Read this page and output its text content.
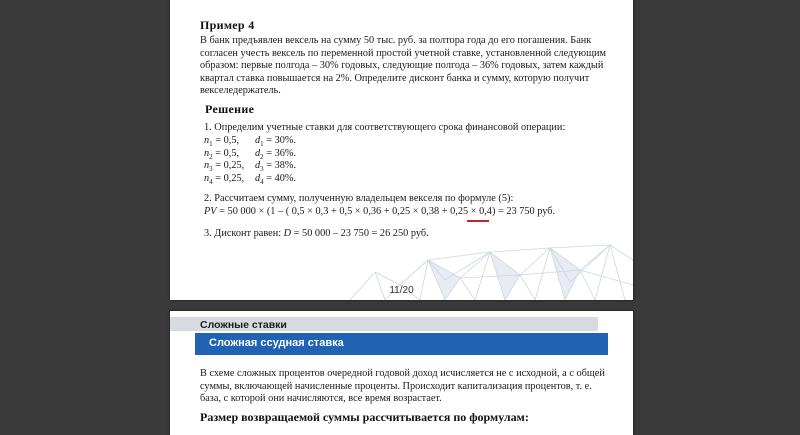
Пример 4
В банк предъявлен вексель на сумму 50 тыс. руб. за полтора года до его погашения. Банк
согласен учесть вексель по переменной простой учетной ставке, установленной следующим
образом: первые полгода – 30% годовых, следующие полгода – 36% годовых, затем каждый
квартал ставка повышается на 2%. Определите дисконт банка и сумму, которую получит
векселедержатель.
Решение
1. Определим учетные ставки для соответствующего срока финансовой операции:
$n_1 = 0,5$, $d_1 = 30\%$.
$n_2 = 0,5$, $d_2 = 36\%$.
$n_3 = 0,25$, $d_3 = 38\%$.
$n_4 = 0,25$, $d_4 = 40\%$.
2. Рассчитаем сумму, полученную владельцем векселя по формуле (5):
PV = 50 000 × (1 – ( 0,5 × 0,3 + 0,5 × 0,36 + 0,25 × 0,38 + 0,25 × 0,4) = 23 750 руб.
3. Дисконт равен: D = 50 000 – 23 750 = 26 250 руб.
11/20
Сложные ставки
Сложная ссудная ставка
В схеме сложных процентов очередной годовой доход исчисляется не с исходной, а с общей
суммы, включающей начисленные проценты. Происходит капитализация процентов, т. е.
база, с которой они начисляются, все время возрастает.
Размер возвращаемой суммы рассчитывается по формулам:
